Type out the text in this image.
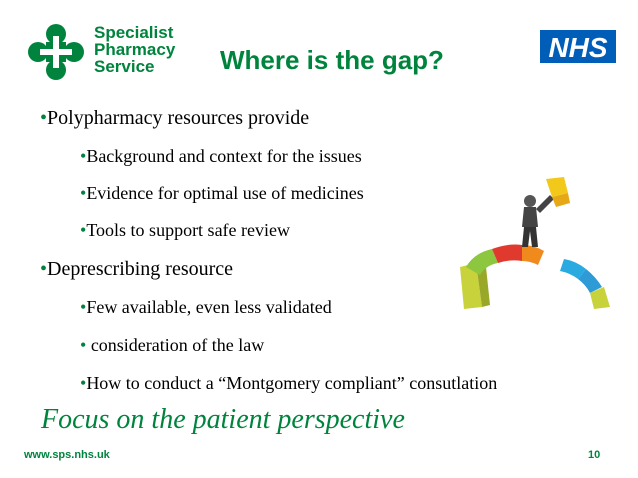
Specialist
Pharmacy
Service
NHS
Where is the gap?
•Polypharmacy resources provide
•Background and context for the issues
•Evidence for optimal use of medicines
•Tools to support safe review
•Deprescribing resource
•Few available, even less validated
• consideration of the law
•How to conduct a “Montgomery compliant” consutlation
Focus on the patient perspective
www.sps.nhs.uk	10
